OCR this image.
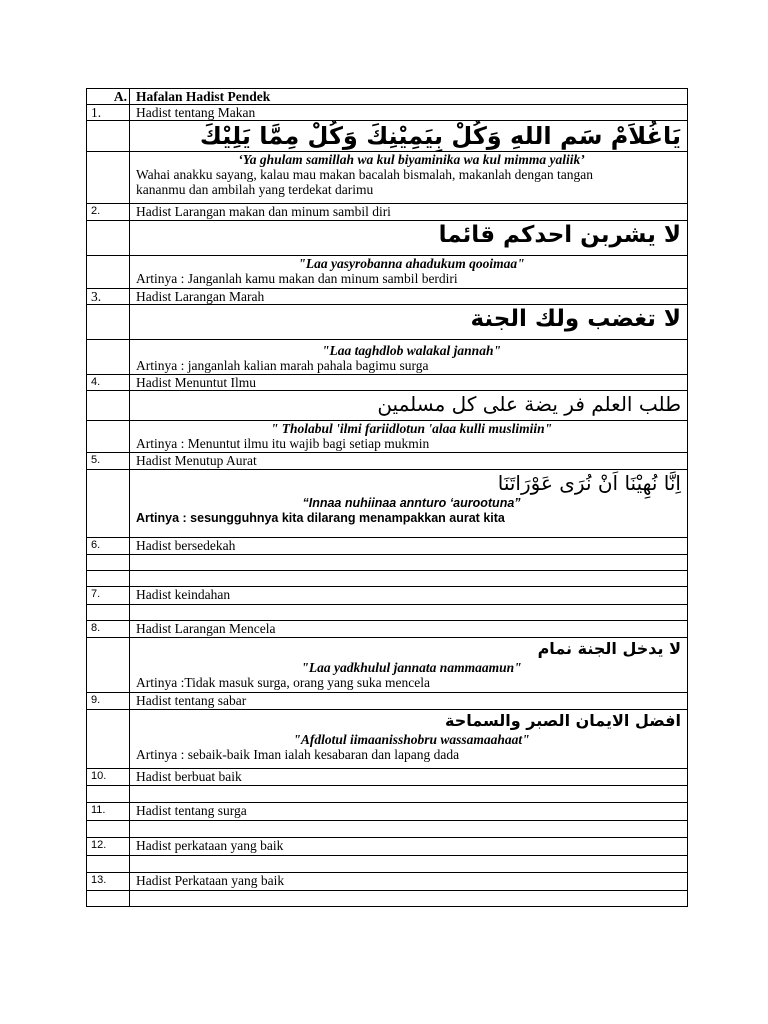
A.	Hafalan Hadist Pendek
1.	Hadist tentang Makan
	يَاغُلاَمْ سَمِ اللهِ وَكُلْ بِيَمِيْنِكَ وَكُلْ مِمَّا يَلِيْكَ

	‘Ya ghulam samillah wa kul biyaminika wa kul mimma yaliik’
Wahai anakku sayang, kalau mau makan bacalah bismalah, makanlah dengan tangan
kananmu dan ambilah yang terdekat darimu

2.	Hadist Larangan makan dan minum sambil diri
	لا يشربن احدكم قائما

	"Laa yasyrobanna ahadukum qooimaa"
Artinya : Janganlah kamu makan dan minum sambil berdiri

3.	Hadist Larangan Marah
	لا تغضب ولك الجنة

	"Laa taghdlob walakal jannah"
Artinya : janganlah kalian marah pahala bagimu surga

4.	Hadist Menuntut Ilmu
	طلب العلم فر يضة على كل مسلمين

	" Tholabul 'ilmi fariidlotun 'alaa kulli muslimiin"
Artinya : Menuntut ilmu itu wajib bagi setiap mukmin

5.	Hadist Menutup Aurat

	اِنَّا نُهِيْنَا اَنْ نُرَى عَوْرَاتَنَا
“Innaa nuhiinaa annturo ‘aurootuna”
Artinya : sesungguhnya kita dilarang menampakkan aurat kita

6.	Hadist bersedekah

7.	Hadist keindahan

8.	Hadist Larangan Mencela

	لا يدخل الجنة نمام
"Laa yadkhulul jannata nammaamun"
Artinya :Tidak masuk surga, orang yang suka mencela

9.	Hadist tentang sabar

	افضل الايمان الصبر والسماحة
"Afdlotul iimaanisshobru wassamaahaat"
Artinya : sebaik-baik Iman ialah kesabaran dan lapang dada

10.	Hadist berbuat baik

11.	Hadist tentang surga

12.	Hadist perkataan yang baik

13.	Hadist Perkataan yang baik
